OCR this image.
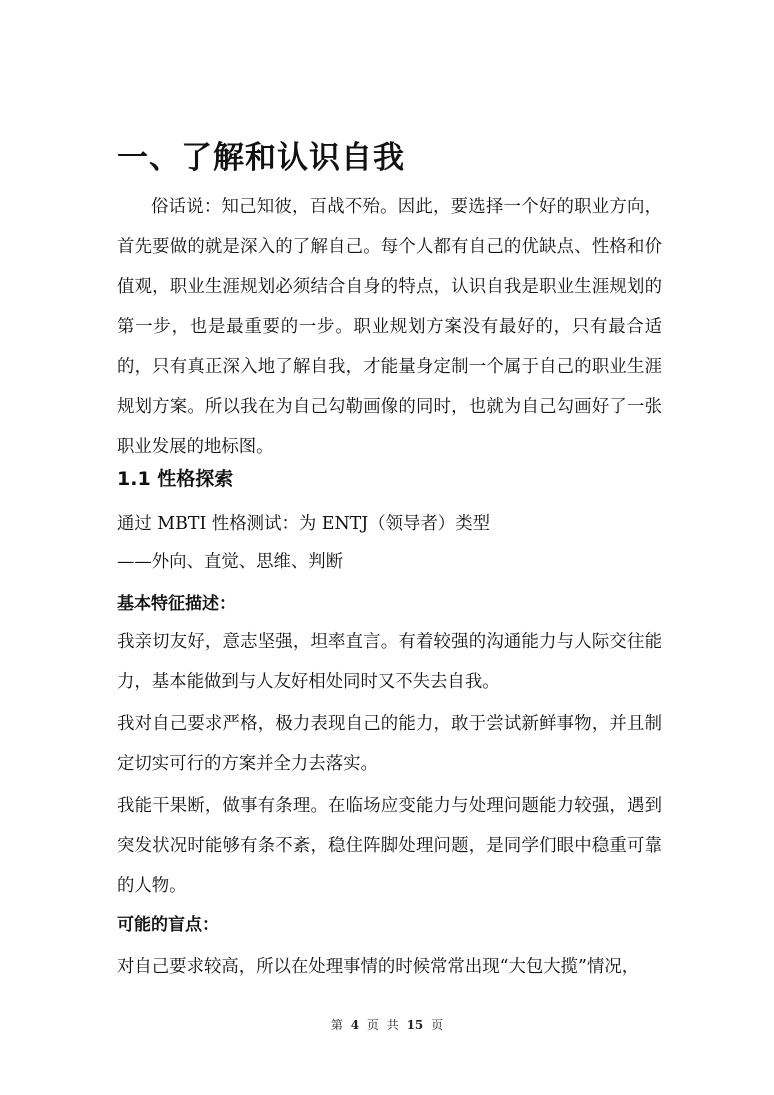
一、了解和认识自我

俗话说：知己知彼，百战不殆。因此，要选择一个好的职业方向，首先要做的就是深入的了解自己。每个人都有自己的优缺点、性格和价值观，职业生涯规划必须结合自身的特点，认识自我是职业生涯规划的第一步，也是最重要的一步。职业规划方案没有最好的，只有最合适的，只有真正深入地了解自我，才能量身定制一个属于自己的职业生涯规划方案。所以我在为自己勾勒画像的同时，也就为自己勾画好了一张职业发展的地标图。

1.1 性格探索

通过 MBTI 性格测试：为 ENTJ（领导者）类型

——外向、直觉、思维、判断

基本特征描述：

我亲切友好，意志坚强，坦率直言。有着较强的沟通能力与人际交往能力，基本能做到与人友好相处同时又不失去自我。

我对自己要求严格，极力表现自己的能力，敢于尝试新鲜事物，并且制定切实可行的方案并全力去落实。

我能干果断，做事有条理。在临场应变能力与处理问题能力较强，遇到突发状况时能够有条不紊，稳住阵脚处理问题，是同学们眼中稳重可靠的人物。

可能的盲点：

对自己要求较高，所以在处理事情的时候常常出现“大包大揽”情况，

第 4 页 共 15 页
